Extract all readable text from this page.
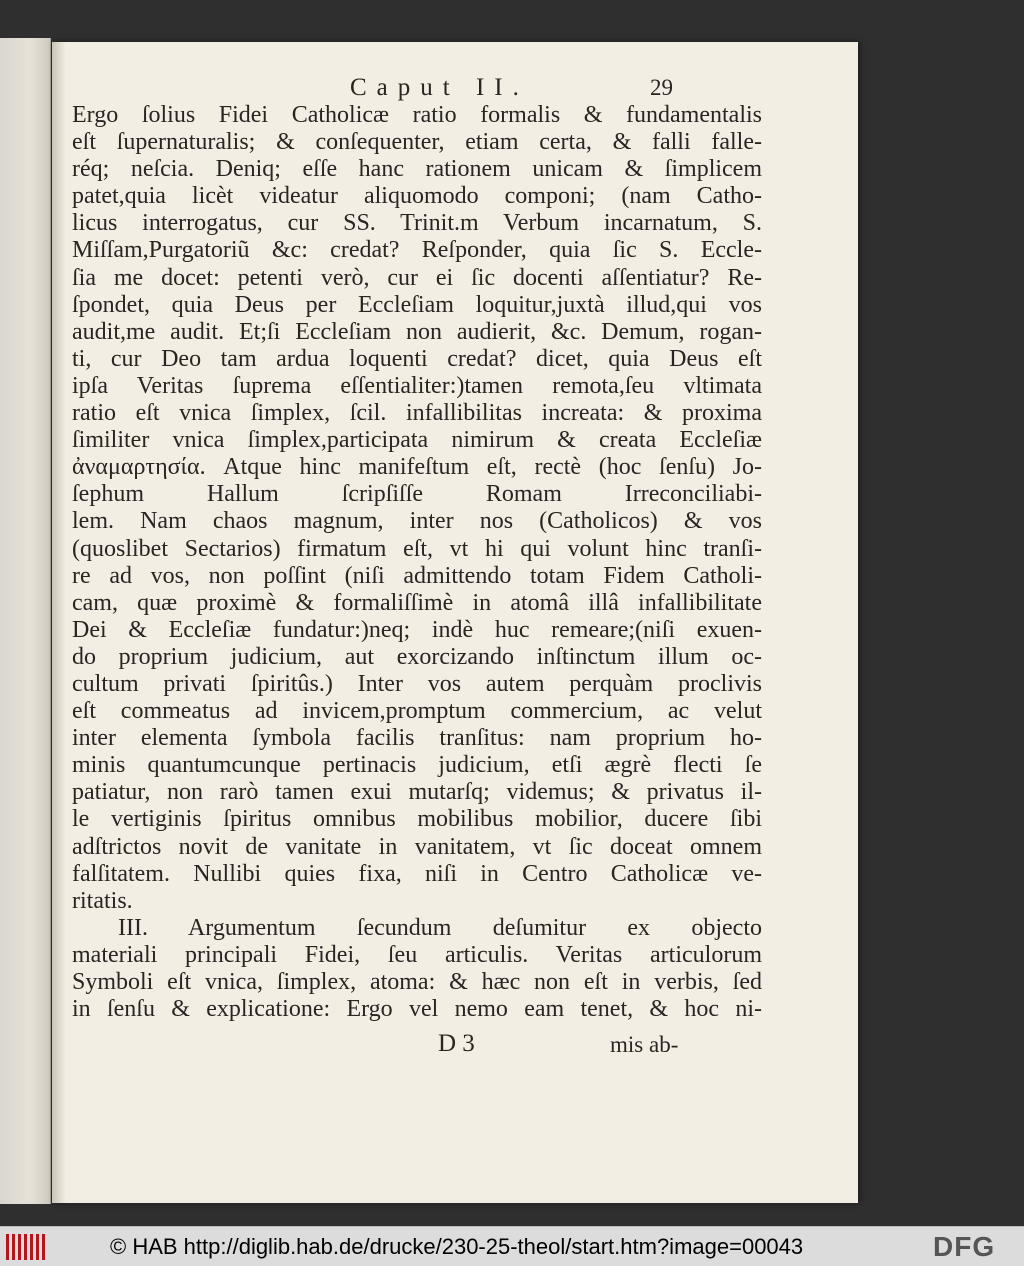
Caput II.	29
Ergo ſolius Fidei Catholicæ ratio formalis & fundamentalis
eſt ſupernaturalis; & conſequenter, etiam certa, & falli falle-
réq; neſcia. Deniq; eſſe hanc rationem unicam & ſimplicem
patet,quia licèt videatur aliquomodo componi; (nam Catho-
licus interrogatus, cur SS. Trinit.m Verbum incarnatum, S.
Miſſam,Purgatoriũ &c: credat? Reſponder, quia ſic S. Eccle-
ſia me docet: petenti verò, cur ei ſic docenti aſſentiatur? Re-
ſpondet, quia Deus per Eccleſiam loquitur,juxtà illud,qui vos
audit,me audit. Et;ſi Eccleſiam non audierit, &c. Demum, rogan-
ti, cur Deo tam ardua loquenti credat? dicet, quia Deus eſt
ipſa Veritas ſuprema eſſentialiter:)tamen remota,ſeu vltimata
ratio eſt vnica ſimplex, ſcil. infallibilitas increata: & proxima
ſimiliter vnica ſimplex,participata nimirum & creata Eccleſiæ
ἀναμαρτησία. Atque hinc manifeſtum eſt, rectè (hoc ſenſu) Jo-
ſephum Hallum ſcripſiſſe Romam Irreconciliabi-
lem. Nam chaos magnum, inter nos (Catholicos) & vos
(quoslibet Sectarios) firmatum eſt, vt hi qui volunt hinc tranſi-
re ad vos, non poſſint (niſi admittendo totam Fidem Catholi-
cam, quæ proximè & formaliſſimè in atomâ illâ infallibilitate
Dei & Eccleſiæ fundatur:)neq; indè huc remeare;(niſi exuen-
do proprium judicium, aut exorcizando inſtinctum illum oc-
cultum privati ſpiritûs.) Inter vos autem perquàm proclivis
eſt commeatus ad invicem,promptum commercium, ac velut
inter elementa ſymbola facilis tranſitus: nam proprium ho-
minis quantumcunque pertinacis judicium, etſi ægrè flecti ſe
patiatur, non rarò tamen exui mutarſq; videmus; & privatus il-
le vertiginis ſpiritus omnibus mobilibus mobilior, ducere ſibi
adſtrictos novit de vanitate in vanitatem, vt ſic doceat omnem
falſitatem. Nullibi quies fixa, niſi in Centro Catholicæ ve-
ritatis.
III. Argumentum ſecundum deſumitur ex objecto
materiali principali Fidei, ſeu articulis. Veritas articulorum
Symboli eſt vnica, ſimplex, atoma: & hæc non eſt in verbis, ſed
in ſenſu & explicatione: Ergo vel nemo eam tenet, & hoc ni-
D 3	mis ab-
© HAB http://diglib.hab.de/drucke/230-25-theol/start.htm?image=00043	DFG
